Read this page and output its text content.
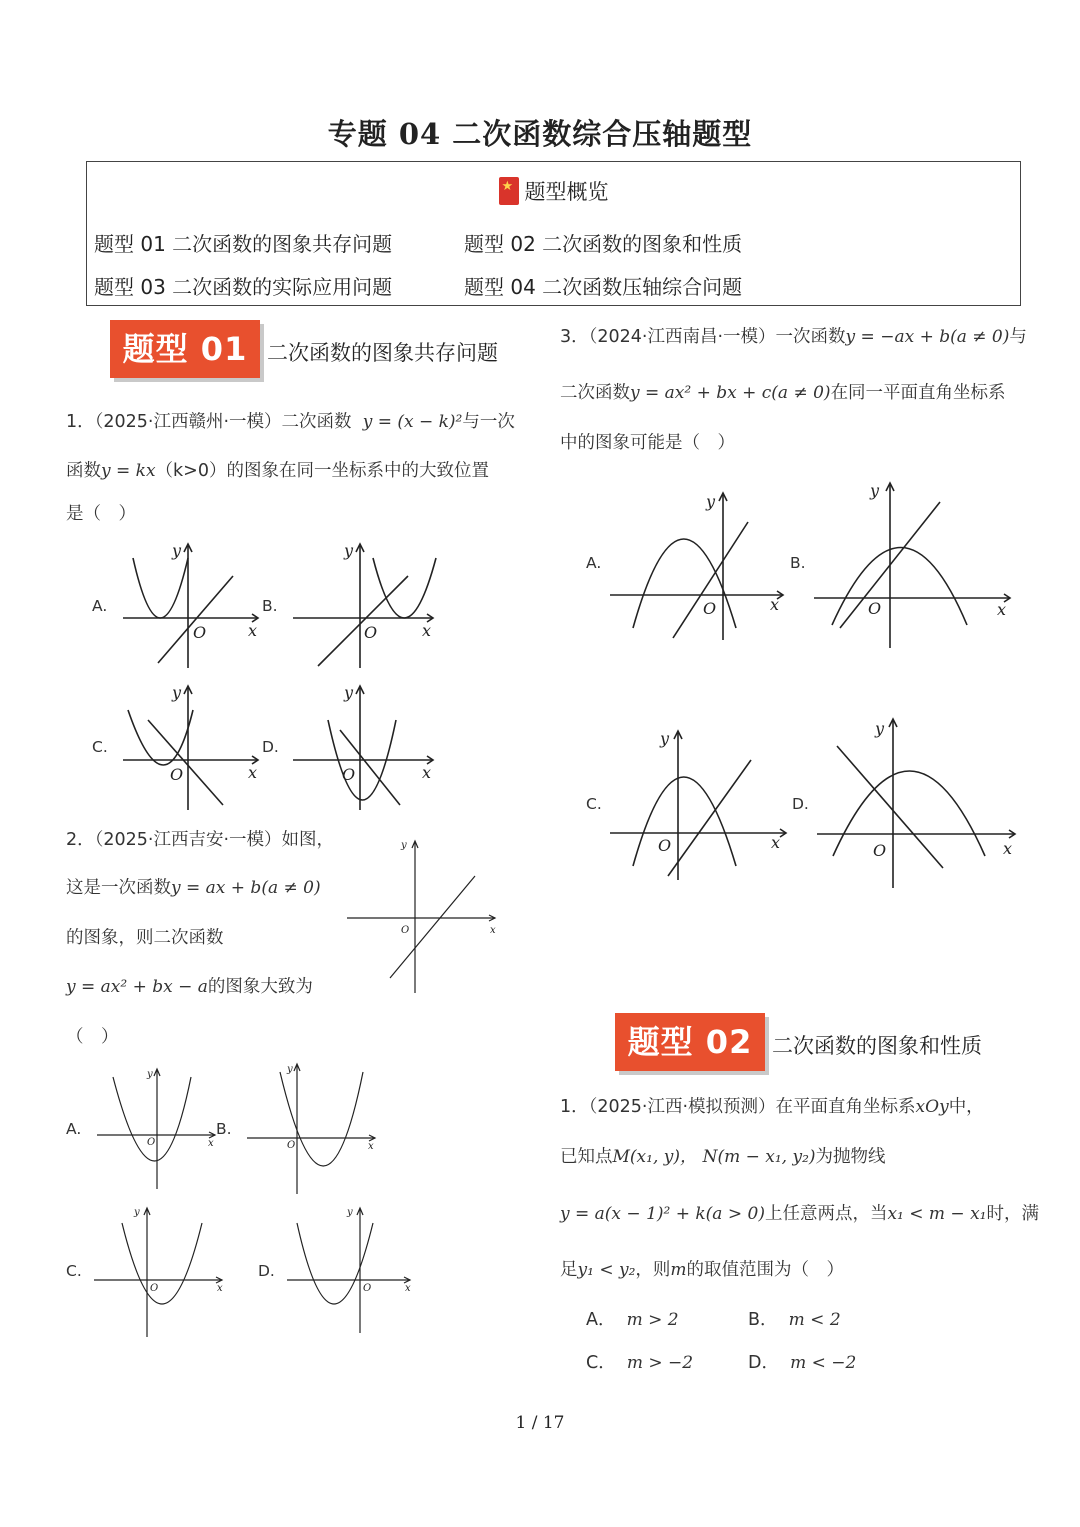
专题 04 二次函数综合压轴题型
★题型概览
题型 01 二次函数的图象共存问题	题型 02 二次函数的图象和性质
题型 03 二次函数的实际应用问题	题型 04 二次函数压轴综合问题
题型 01 二次函数的图象共存问题
1．（2025·江西赣州·一模）二次函数 y = (x − k)²与一次
函数y = kx（k>0）的图象在同一坐标系中的大致位置
是（　）
A.
O	x
y
B.
O	x
y
C.
O	x
y
D.
O	x
y
2．（2025·江西吉安·一模）如图，
这是一次函数y = ax + b(a ≠ 0)
的图象，则二次函数
y = ax² + bx − a的图象大致为
（　）
O	x
y
A.
O	x
y
B.
O	x
y
C.
O	x
y
D.
O	x
y
3．（2024·江西南昌·一模）一次函数y = −ax + b(a ≠ 0)与
二次函数y = ax² + bx + c(a ≠ 0)在同一平面直角坐标系
中的图象可能是（　）
A.
O	x
y
B.
O	x
y
C.
O	x
y
D.
O	x
y
题型 02 二次函数的图象和性质
1．（2025·江西·模拟预测）在平面直角坐标系xOy中，
已知点M(x₁, y)， N(m − x₁, y₂)为抛物线
y = a(x − 1)² + k(a > 0)上任意两点，当x₁ < m − x₁时，满
足y₁ < y₂，则m的取值范围为（　）
A． m > 2	B． m < 2
C． m > −2	D． m < −2
1 / 17
